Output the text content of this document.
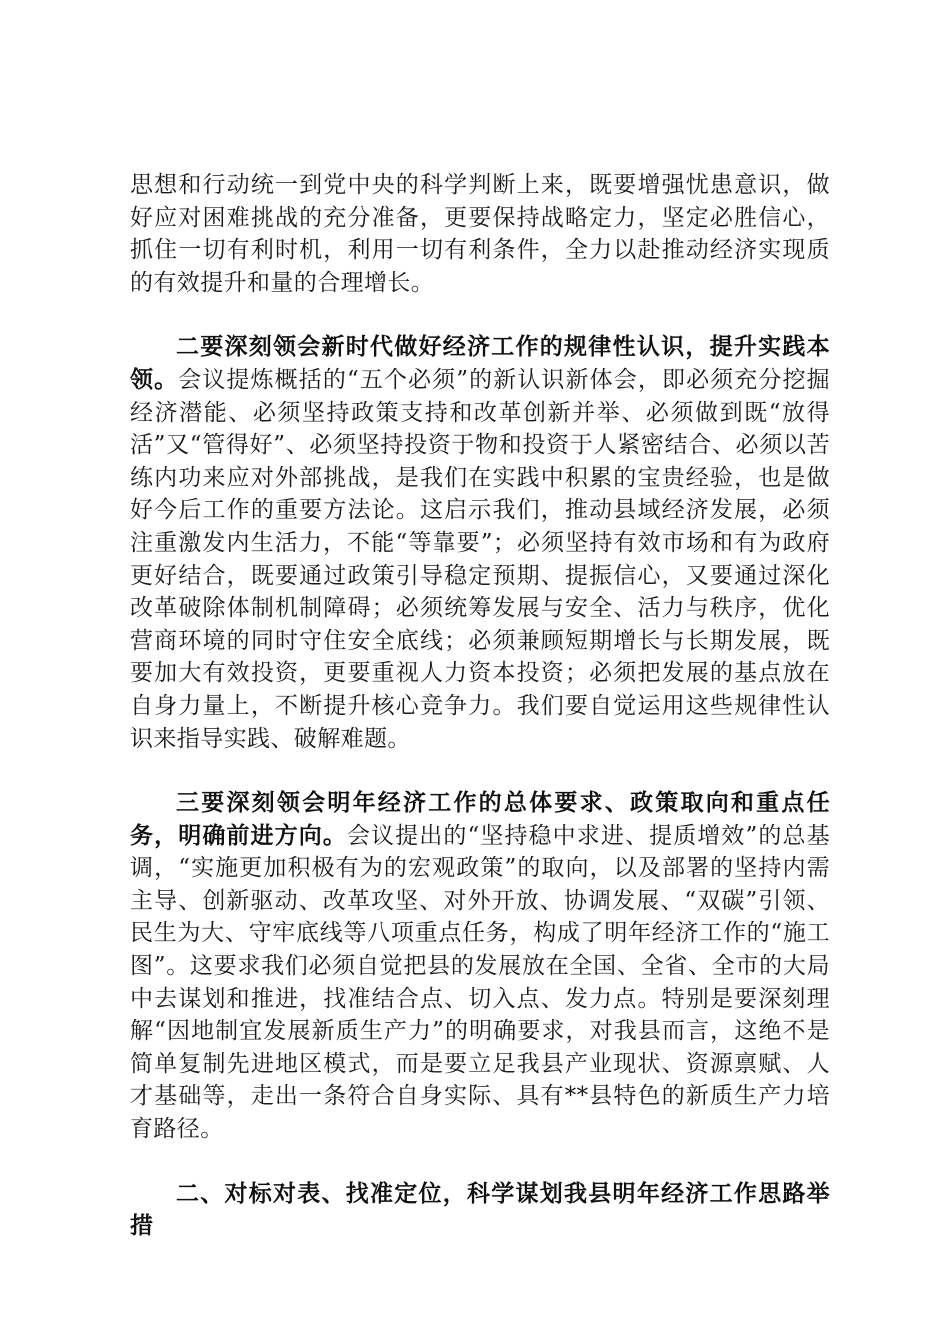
思想和行动统一到党中央的科学判断上来，既要增强忧患意识，做好应对困难挑战的充分准备，更要保持战略定力，坚定必胜信心，抓住一切有利时机，利用一切有利条件，全力以赴推动经济实现质的有效提升和量的合理增长。

二要深刻领会新时代做好经济工作的规律性认识，提升实践本领。会议提炼概括的“五个必须”的新认识新体会，即必须充分挖掘经济潜能、必须坚持政策支持和改革创新并举、必须做到既“放得活”又“管得好”、必须坚持投资于物和投资于人紧密结合、必须以苦练内功来应对外部挑战，是我们在实践中积累的宝贵经验，也是做好今后工作的重要方法论。这启示我们，推动县域经济发展，必须注重激发内生活力，不能“等靠要”；必须坚持有效市场和有为政府更好结合，既要通过政策引导稳定预期、提振信心，又要通过深化改革破除体制机制障碍；必须统筹发展与安全、活力与秩序，优化营商环境的同时守住安全底线；必须兼顾短期增长与长期发展，既要加大有效投资，更要重视人力资本投资；必须把发展的基点放在自身力量上，不断提升核心竞争力。我们要自觉运用这些规律性认识来指导实践、破解难题。

三要深刻领会明年经济工作的总体要求、政策取向和重点任务，明确前进方向。会议提出的“坚持稳中求进、提质增效”的总基调，“实施更加积极有为的宏观政策”的取向，以及部署的坚持内需主导、创新驱动、改革攻坚、对外开放、协调发展、“双碳”引领、民生为大、守牢底线等八项重点任务，构成了明年经济工作的“施工图”。这要求我们必须自觉把县的发展放在全国、全省、全市的大局中去谋划和推进，找准结合点、切入点、发力点。特别是要深刻理解“因地制宜发展新质生产力”的明确要求，对我县而言，这绝不是简单复制先进地区模式，而是要立足我县产业现状、资源禀赋、人才基础等，走出一条符合自身实际、具有**县特色的新质生产力培育路径。

二、对标对表、找准定位，科学谋划我县明年经济工作思路举措
